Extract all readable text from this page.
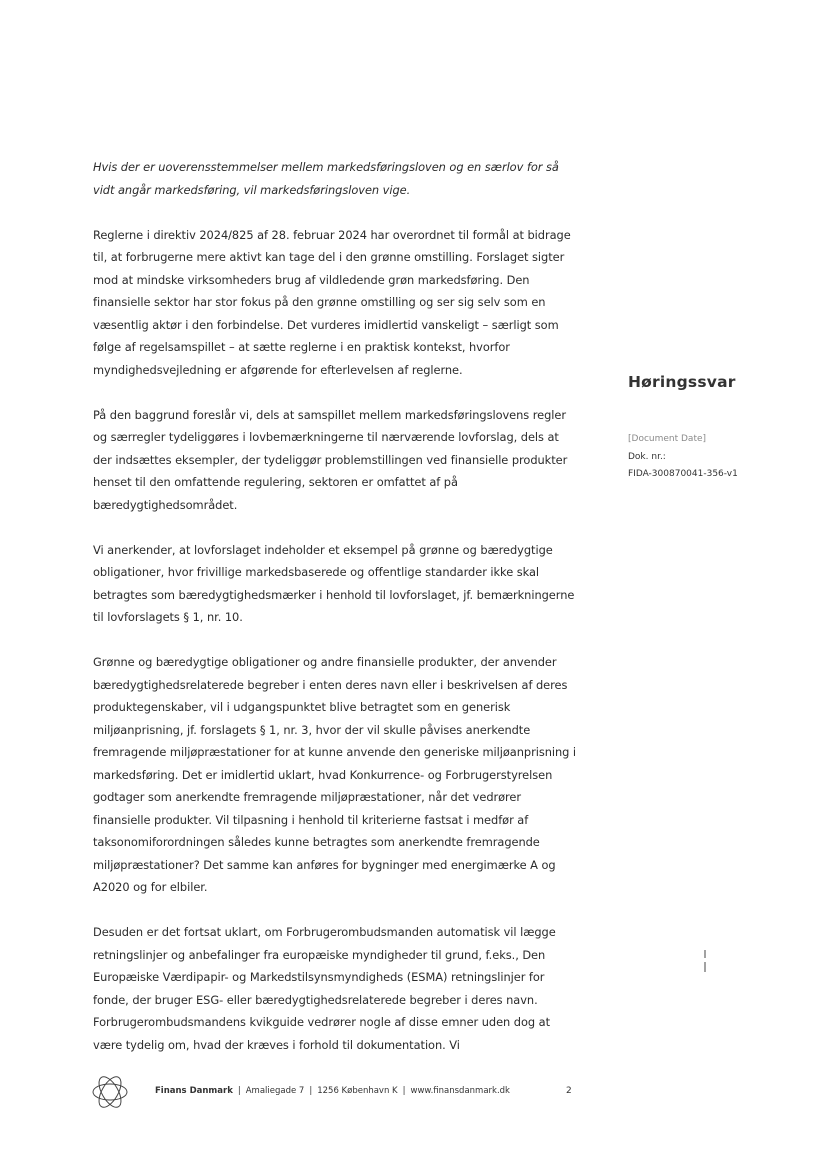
Hvis der er uoverensstemmelser mellem markedsføringsloven og en særlov for så vidt angår markedsføring, vil markedsføringsloven vige.

Reglerne i direktiv 2024/825 af 28. februar 2024 har overordnet til formål at bidrage til, at forbrugerne mere aktivt kan tage del i den grønne omstilling. Forslaget sigter mod at mindske virksomheders brug af vildledende grøn markedsføring. Den finansielle sektor har stor fokus på den grønne omstilling og ser sig selv som en væsentlig aktør i den forbindelse. Det vurderes imidlertid vanskeligt – særligt som følge af regelsamspillet – at sætte reglerne i en praktisk kontekst, hvorfor myndighedsvejledning er afgørende for efterlevelsen af reglerne.

På den baggrund foreslår vi, dels at samspillet mellem markedsføringslovens regler og særregler tydeliggøres i lovbemærkningerne til nærværende lovforslag, dels at der indsættes eksempler, der tydeliggør problemstillingen ved finansielle produkter henset til den omfattende regulering, sektoren er omfattet af på bæredygtighedsområdet.

Vi anerkender, at lovforslaget indeholder et eksempel på grønne og bæredygtige obligationer, hvor frivillige markedsbaserede og offentlige standarder ikke skal betragtes som bæredygtighedsmærker i henhold til lovforslaget, jf. bemærkningerne til lovforslagets § 1, nr. 10.

Grønne og bæredygtige obligationer og andre finansielle produkter, der anvender bæredygtighedsrelaterede begreber i enten deres navn eller i beskrivelsen af deres produktegenskaber, vil i udgangspunktet blive betragtet som en generisk miljøanprisning, jf. forslagets § 1, nr. 3, hvor der vil skulle påvises anerkendte fremragende miljøpræstationer for at kunne anvende den generiske miljøanprisning i markedsføring. Det er imidlertid uklart, hvad Konkurrence- og Forbrugerstyrelsen godtager som anerkendte fremragende miljøpræstationer, når det vedrører finansielle produkter. Vil tilpasning i henhold til kriterierne fastsat i medfør af taksonomiforordningen således kunne betragtes som anerkendte fremragende miljøpræstationer? Det samme kan anføres for bygninger med energimærke A og A2020 og for elbiler.

Desuden er det fortsat uklart, om Forbrugerombudsmanden automatisk vil lægge retningslinjer og anbefalinger fra europæiske myndigheder til grund, f.eks., Den Europæiske Værdipapir- og Markedstilsynsmyndigheds (ESMA) retningslinjer for fonde, der bruger ESG- eller bæredygtighedsrelaterede begreber i deres navn. Forbrugerombudsmandens kvikguide vedrører nogle af disse emner uden dog at være tydelig om, hvad der kræves i forhold til dokumentation. Vi

Høringssvar
[Document Date]
Dok. nr.:
FIDA-300870041-356-v1
Finans Danmark | Amaliegade 7 | 1256 København K | www.finansdanmark.dk	2
